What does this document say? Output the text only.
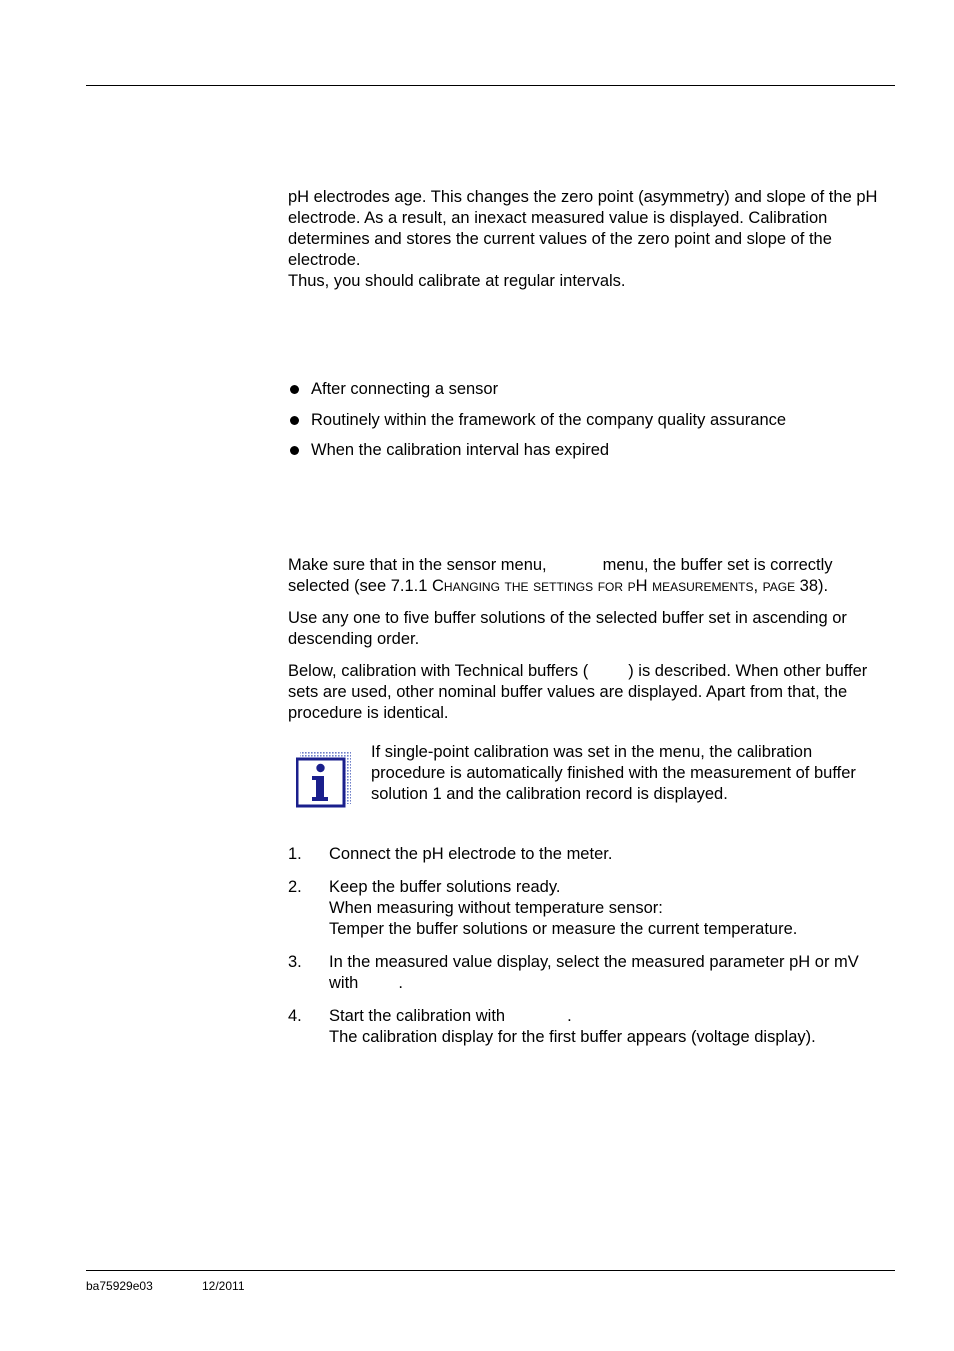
pH electrodes age. This changes the zero point (asymmetry) and slope of the pH electrode. As a result, an inexact measured value is displayed. Calibration determines and stores the current values of the zero point and slope of the electrode.
Thus, you should calibrate at regular intervals.

After connecting a sensor
Routinely within the framework of the company quality assurance
When the calibration interval has expired

Make sure that in the sensor menu,	menu, the buffer set is correctly selected (see 7.1.1 Changing the settings for pH measurements, page 38).

Use any one to five buffer solutions of the selected buffer set in ascending or descending order.

Below, calibration with Technical buffers ( ) is described. When other buffer sets are used, other nominal buffer values are displayed. Apart from that, the procedure is identical.

If single-point calibration was set in the menu, the calibration procedure is automatically finished with the measurement of buffer solution 1 and the calibration record is displayed.

1. Connect the pH electrode to the meter.
2. Keep the buffer solutions ready.
When measuring without temperature sensor:
Temper the buffer solutions or measure the current temperature.
3. In the measured value display, select the measured parameter pH or mV
with .
4. Start the calibration with	.
The calibration display for the first buffer appears (voltage display).
ba75929e03	12/2011
